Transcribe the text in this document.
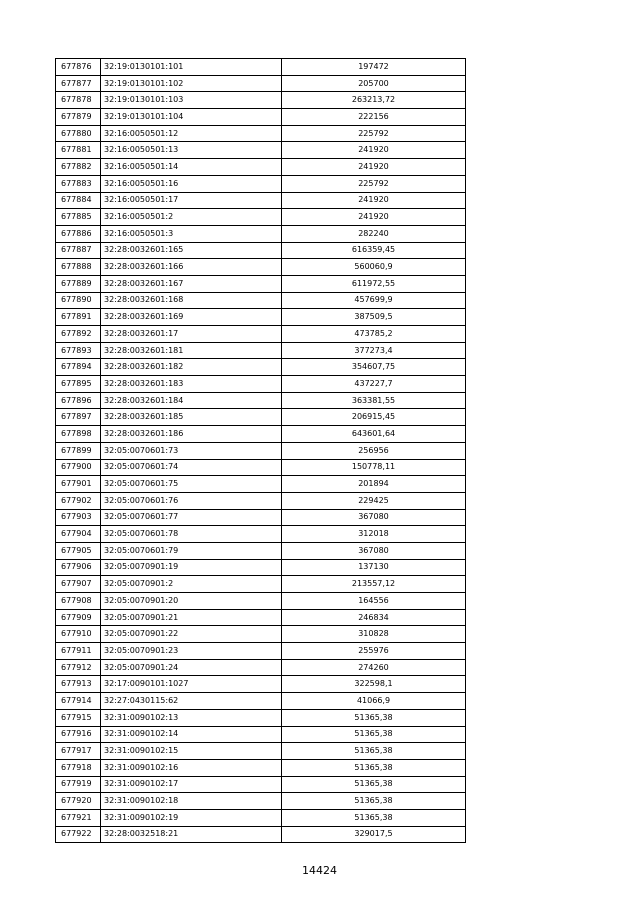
677876	32:19:0130101:101	197472
677877	32:19:0130101:102	205700
677878	32:19:0130101:103	263213,72
677879	32:19:0130101:104	222156
677880	32:16:0050501:12	225792
677881	32:16:0050501:13	241920
677882	32:16:0050501:14	241920
677883	32:16:0050501:16	225792
677884	32:16:0050501:17	241920
677885	32:16:0050501:2	241920
677886	32:16:0050501:3	282240
677887	32:28:0032601:165	616359,45
677888	32:28:0032601:166	560060,9
677889	32:28:0032601:167	611972,55
677890	32:28:0032601:168	457699,9
677891	32:28:0032601:169	387509,5
677892	32:28:0032601:17	473785,2
677893	32:28:0032601:181	377273,4
677894	32:28:0032601:182	354607,75
677895	32:28:0032601:183	437227,7
677896	32:28:0032601:184	363381,55
677897	32:28:0032601:185	206915,45
677898	32:28:0032601:186	643601,64
677899	32:05:0070601:73	256956
677900	32:05:0070601:74	150778,11
677901	32:05:0070601:75	201894
677902	32:05:0070601:76	229425
677903	32:05:0070601:77	367080
677904	32:05:0070601:78	312018
677905	32:05:0070601:79	367080
677906	32:05:0070901:19	137130
677907	32:05:0070901:2	213557,12
677908	32:05:0070901:20	164556
677909	32:05:0070901:21	246834
677910	32:05:0070901:22	310828
677911	32:05:0070901:23	255976
677912	32:05:0070901:24	274260
677913	32:17:0090101:1027	322598,1
677914	32:27:0430115:62	41066,9
677915	32:31:0090102:13	51365,38
677916	32:31:0090102:14	51365,38
677917	32:31:0090102:15	51365,38
677918	32:31:0090102:16	51365,38
677919	32:31:0090102:17	51365,38
677920	32:31:0090102:18	51365,38
677921	32:31:0090102:19	51365,38
677922	32:28:0032518:21	329017,5
14424
